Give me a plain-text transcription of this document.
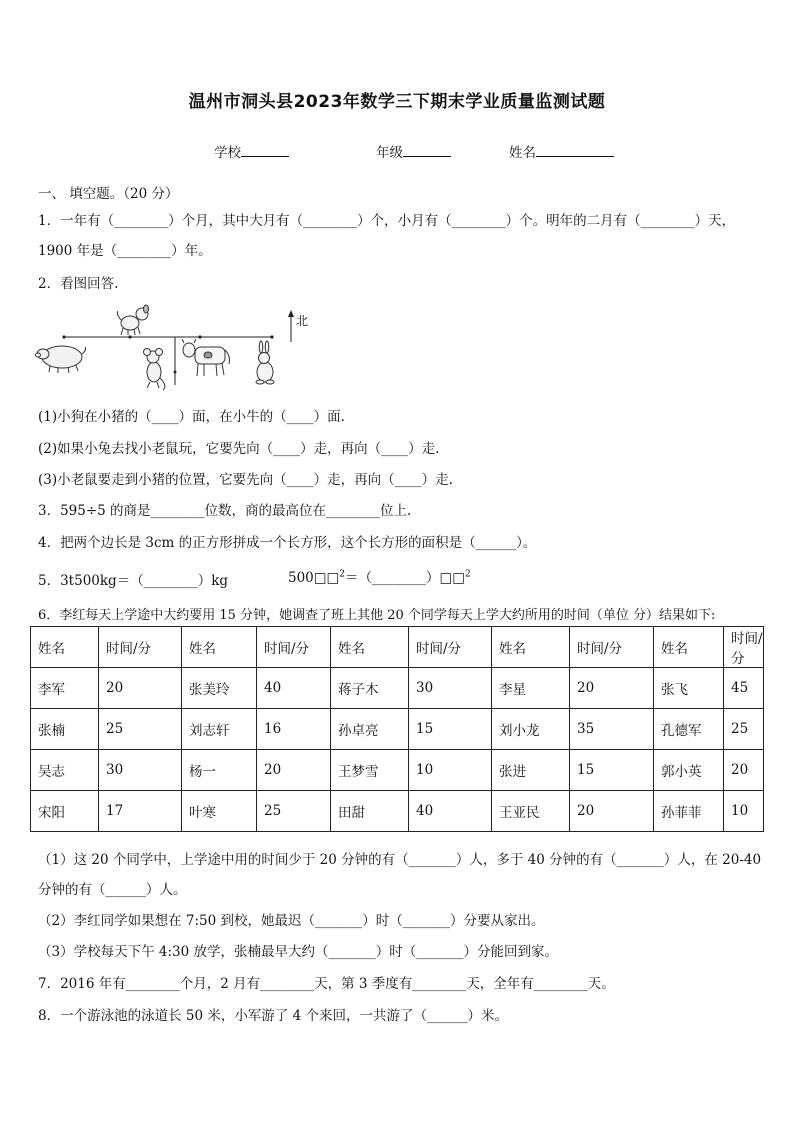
温州市洞头县2023年数学三下期末学业质量监测试题
学校	年级	姓名
一、 填空题。（20 分）
1．一年有（________）个月，其中大月有（________）个，小月有（________）个。明年的二月有（________）天，
1900 年是（________）年。
2．看图回答.
北
(1)小狗在小猪的（____）面，在小牛的（____）面.
(2)如果小兔去找小老鼠玩，它要先向（____）走，再向（____）走.
(3)小老鼠要走到小猪的位置，它要先向（____）走，再向（____）走.
3．595÷5 的商是________位数，商的最高位在________位上.
4．把两个边长是 3cm 的正方形拼成一个长方形，这个长方形的面积是（______）。
5．3t500kg＝（________）kg	500□□$^2$＝（________）□□$^2$
6．李红每天上学途中大约要用 15 分钟，她调查了班上其他 20 个同学每天上学大约所用的时间（单位 分）结果如下:
姓名	时间/分	姓名	时间/分	姓名	时间/分	姓名	时间/分	姓名	时间/分
李军	20	张美玲	40	蒋子木	30	李星	20	张飞	45
张楠	25	刘志轩	16	孙卓亮	15	刘小龙	35	孔德军	25
吴志	30	杨一	20	王梦雪	10	张进	15	郭小英	20
宋阳	17	叶寒	25	田甜	40	王亚民	20	孙菲菲	10
（1）这 20 个同学中，上学途中用的时间少于 20 分钟的有（_______）人，多于 40 分钟的有（_______）人，在 20-40
分钟的有（______）人。
（2）李红同学如果想在 7:50 到校，她最迟（_______）时（_______）分要从家出。
（3）学校每天下午 4:30 放学，张楠最早大约（_______）时（_______）分能回到家。
7．2016 年有________个月，2 月有________天，第 3 季度有________天，全年有________天。
8．一个游泳池的泳道长 50 米，小军游了 4 个来回，一共游了（______）米。
